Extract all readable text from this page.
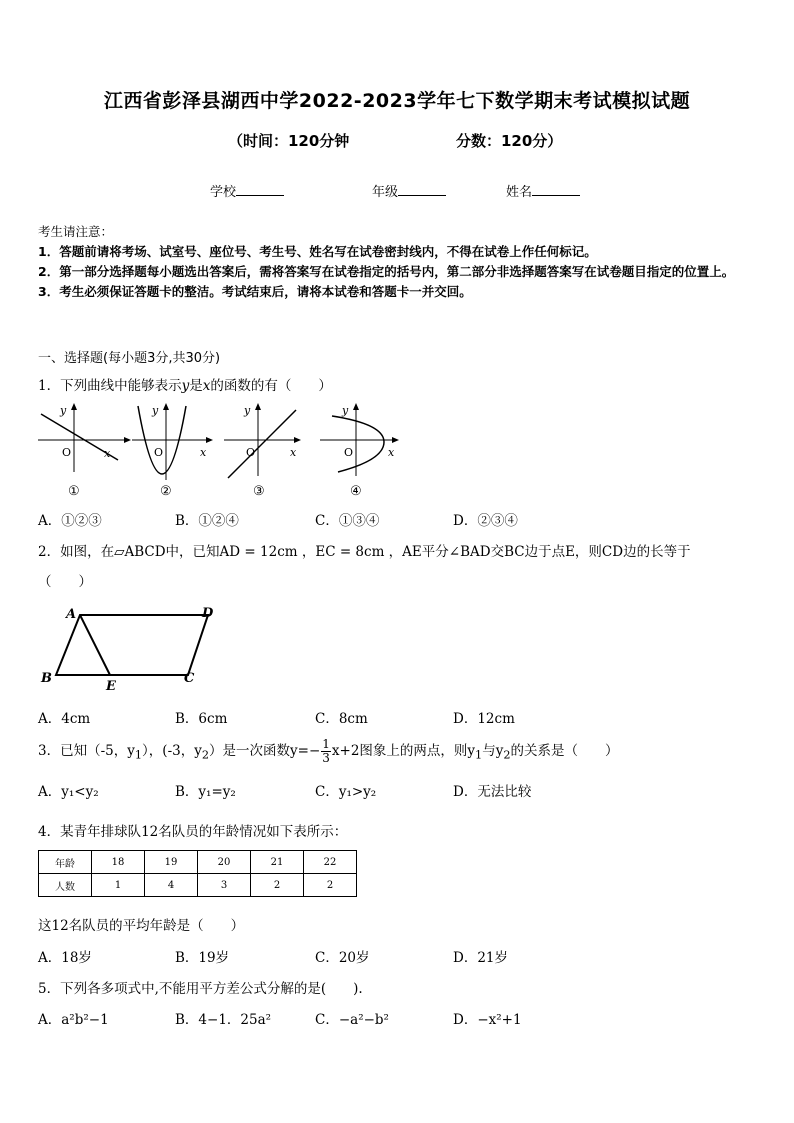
江西省彭泽县湖西中学2022-2023学年七下数学期末考试模拟试题
（时间：120分钟	分数：120分）
学校	年级	姓名
考生请注意：
1．答题前请将考场、试室号、座位号、考生号、姓名写在试卷密封线内，不得在试卷上作任何标记。
2．第一部分选择题每小题选出答案后，需将答案写在试卷指定的括号内，第二部分非选择题答案写在试卷题目指定的位置上。
3．考生必须保证答题卡的整洁。考试结束后，请将本试卷和答题卡一并交回。
一、选择题(每小题3分,共30分)
1．下列曲线中能够表示y是x的函数的有（　　）
y
O	x
y
O	x
y
O	x
y
O	x
①	②	③	④
A．①②③	B．①②④	C．①③④	D．②③④
2．如图，在▱ABCD中，已知AD = 12cm ，EC = 8cm ，AE平分∠BAD交BC边于点E，则CD边的长等于
（　　）
A	D
B
E
C
A．4cm	B．6cm	C．8cm	D．12cm
3．已知（-5，$y_1$），(-3，$y_2$）是一次函数$y=- \frac{1}{3} x+2$图象上的两点，则$y_1$与$y_2$的关系是（　　）
A．y₁<y₂	B．y₁=y₂	C．y₁>y₂	D．无法比较
4．某青年排球队12名队员的年龄情况如下表所示：
年龄	18	19	20	21	22
人数	1	4	3	2	2
这12名队员的平均年龄是（　　）
A．18岁	B．19岁	C．20岁	D．21岁
5．下列各多项式中,不能用平方差公式分解的是(　　).
A．a²b²−1	B．4−1．25a²	C．−a²−b²	D．−x²+1
